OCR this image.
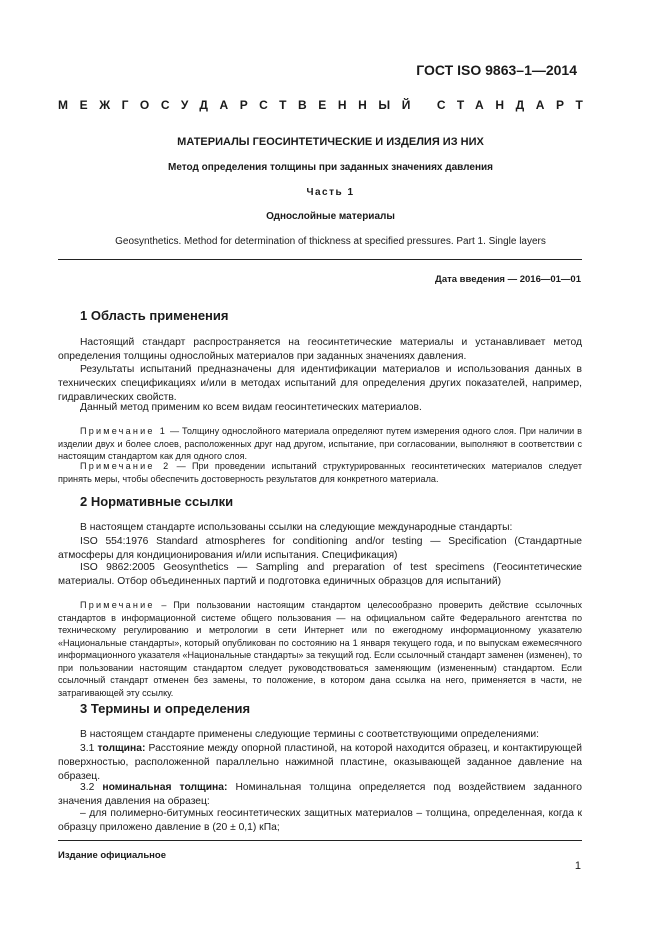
ГОСТ ISO 9863–1—2014
МЕЖГОСУДАРСТВЕННЫЙ СТАНДАРТ
МАТЕРИАЛЫ ГЕОСИНТЕТИЧЕСКИЕ И ИЗДЕЛИЯ ИЗ НИХ
Метод определения толщины при заданных значениях давления
Часть 1
Однослойные материалы
Geosynthetics. Method for determination of thickness at specified pressures. Part 1. Single layers
Дата введения — 2016—01—01
1 Область применения
Настоящий стандарт распространяется на геосинтетические материалы и устанавливает метод определения толщины однослойных материалов при заданных значениях давления.
Результаты испытаний предназначены для идентификации материалов и использования данных в технических спецификациях и/или в методах испытаний для определения других показателей, например, гидравлических свойств.
Данный метод применим ко всем видам геосинтетических материалов.
Примечание 1 — Толщину однослойного материала определяют путем измерения одного слоя. При наличии в изделии двух и более слоев, расположенных друг над другом, испытание, при согласовании, выполняют в соответствии с настоящим стандартом как для одного слоя.
Примечание 2 — При проведении испытаний структурированных геосинтетических материалов следует принять меры, чтобы обеспечить достоверность результатов для конкретного материала.
2 Нормативные ссылки
В настоящем стандарте использованы ссылки на следующие международные стандарты:
ISO 554:1976 Standard atmospheres for conditioning and/or testing — Specification (Стандартные атмосферы для кондиционирования и/или испытания. Спецификация)
ISO 9862:2005 Geosynthetics — Sampling and preparation of test specimens (Геосинтетические материалы. Отбор объединенных партий и подготовка единичных образцов для испытаний)
Примечание – При пользовании настоящим стандартом целесообразно проверить действие ссылочных стандартов в информационной системе общего пользования — на официальном сайте Федерального агентства по техническому регулированию и метрологии в сети Интернет или по ежегодному информационному указателю «Национальные стандарты», который опубликован по состоянию на 1 января текущего года, и по выпускам ежемесячного информационного указателя «Национальные стандарты» за текущий год. Если ссылочный стандарт заменен (изменен), то при пользовании настоящим стандартом следует руководствоваться заменяющим (измененным) стандартом. Если ссылочный стандарт отменен без замены, то положение, в котором дана ссылка на него, применяется в части, не затрагивающей эту ссылку.
3 Термины и определения
В настоящем стандарте применены следующие термины с соответствующими определениями:
3.1 толщина: Расстояние между опорной пластиной, на которой находится образец, и контактирующей поверхностью, расположенной параллельно нажимной пластине, оказывающей заданное давление на образец.
3.2 номинальная толщина: Номинальная толщина определяется под воздействием заданного значения давления на образец:
– для полимерно-битумных геосинтетических защитных материалов – толщина, определенная, когда к образцу приложено давление в (20 ± 0,1) кПа;
Издание официальное
1
